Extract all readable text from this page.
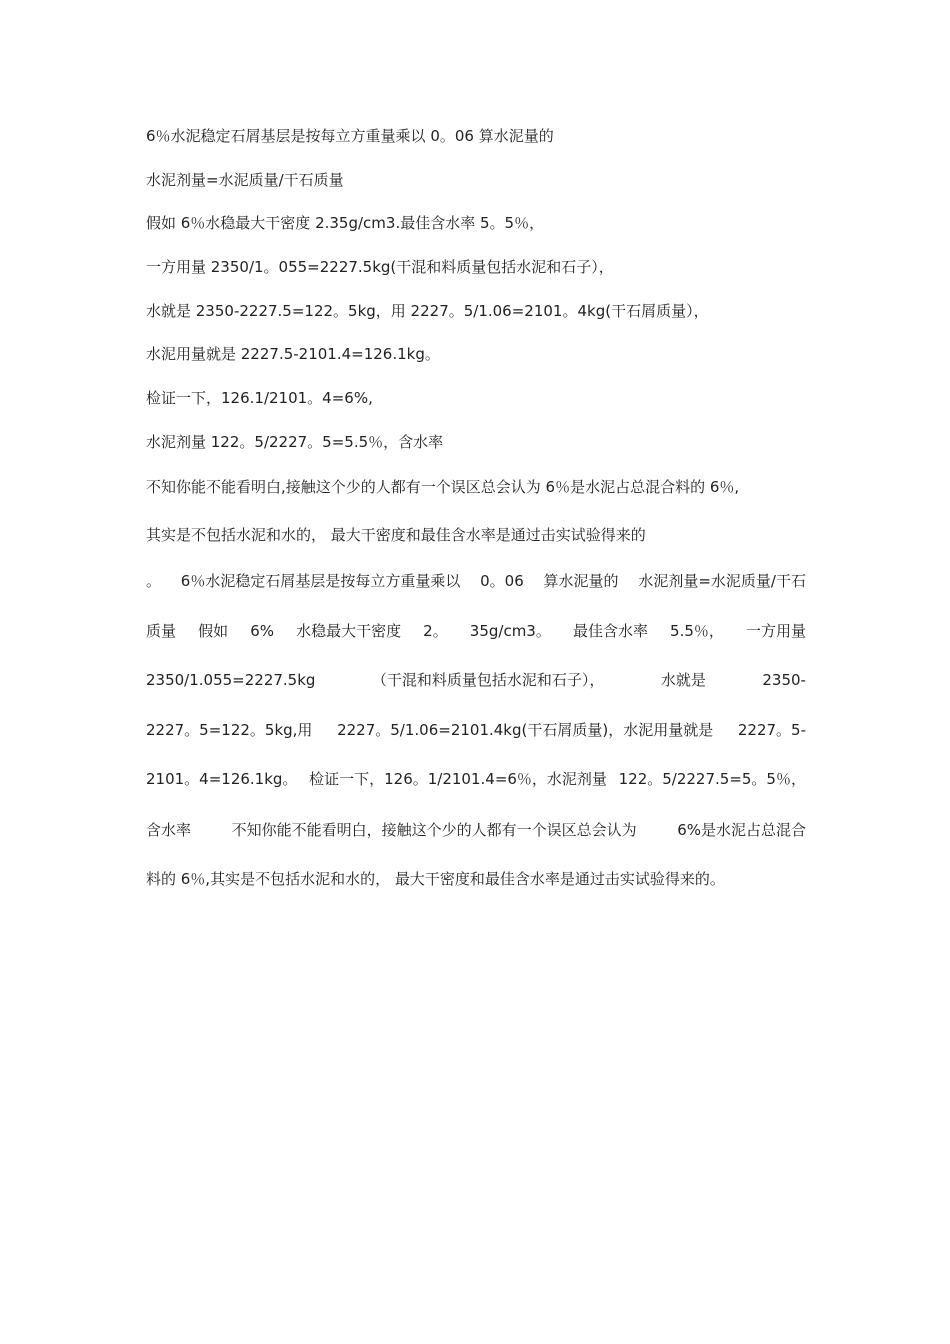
6％水泥稳定石屑基层是按每立方重量乘以 0。06 算水泥量的
水泥剂量=水泥质量/干石质量
假如 6％水稳最大干密度 2.35g/cm3.最佳含水率 5。5％，
一方用量 2350/1。055=2227.5kg(干混和料质量包括水泥和石子），
水就是 2350-2227.5=122。5kg，用 2227。5/1.06=2101。4kg(干石屑质量），
水泥用量就是 2227.5-2101.4=126.1kg。
检证一下，126.1/2101。4=6%,
水泥剂量 122。5/2227。5=5.5％，含水率
不知你能不能看明白,接触这个少的人都有一个误区总会认为 6％是水泥占总混合料的 6％,
其实是不包括水泥和水的， 最大干密度和最佳含水率是通过击实试验得来的
。 6％水泥稳定石屑基层是按每立方重量乘以 0。06 算水泥量的 水泥剂量=水泥质量/干石
质量 假如 6% 水稳最大干密度 2。 35g/cm3。 最佳含水率 5.5％， 一方用量
2350/1.055=2227.5kg	（干混和料质量包括水泥和石子），	水就是	2350-
2227。5=122。5kg,用 2227。5/1.06=2101.4kg(干石屑质量)，水泥用量就是 2227。5-
2101。4=126.1kg。 检证一下，126。1/2101.4=6％，水泥剂量 122。5/2227.5=5。5％，
含水率	不知你能不能看明白，接触这个少的人都有一个误区总会认为	6%是水泥占总混合
料的 6％,其实是不包括水泥和水的， 最大干密度和最佳含水率是通过击实试验得来的。
